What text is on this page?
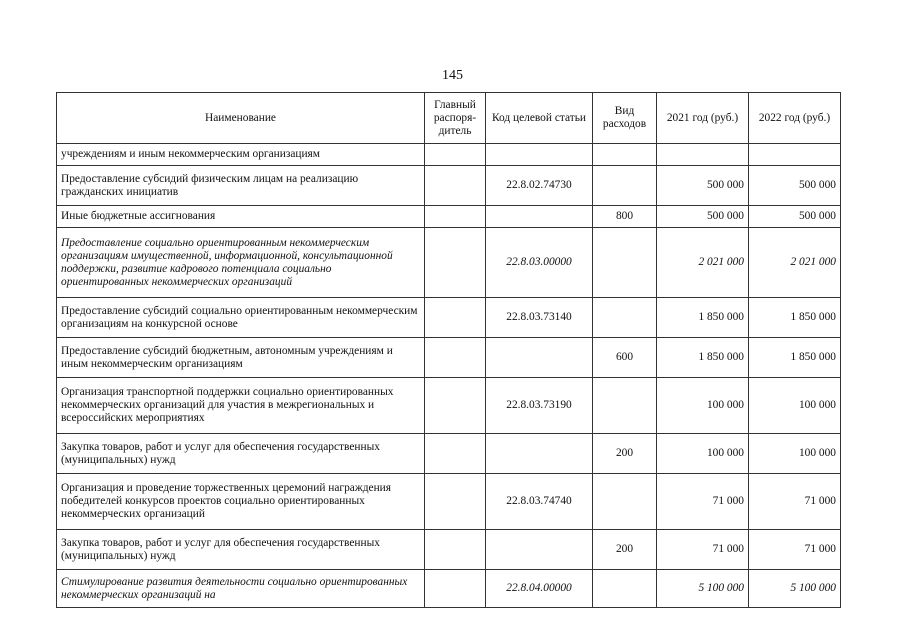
145
Наименование	Главный распоря-дитель	Код целевой статьи	Вид расходов	2021 год (руб.)	2022 год (руб.)
учреждениям и иным некоммерческим организациям					
Предоставление субсидий физическим лицам на реализацию гражданских инициатив		22.8.02.74730		500 000	500 000
Иные бюджетные ассигнования			800	500 000	500 000
Предоставление социально ориентированным некоммерческим организациям имущественной, информационной, консультационной поддержки, развитие кадрового потенциала социально ориентированных некоммерческих организаций		22.8.03.00000		2 021 000	2 021 000
Предоставление субсидий социально ориентированным некоммерческим организациям на конкурсной основе		22.8.03.73140		1 850 000	1 850 000
Предоставление субсидий бюджетным, автономным учреждениям и иным некоммерческим организациям			600	1 850 000	1 850 000
Организация транспортной поддержки социально ориентированных некоммерческих организаций для участия в межрегиональных и всероссийских мероприятиях		22.8.03.73190		100 000	100 000
Закупка товаров, работ и услуг для обеспечения государственных (муниципальных) нужд			200	100 000	100 000
Организация и проведение торжественных церемоний награждения победителей конкурсов проектов социально ориентированных некоммерческих организаций		22.8.03.74740		71 000	71 000
Закупка товаров, работ и услуг для обеспечения государственных (муниципальных) нужд			200	71 000	71 000
Стимулирование развития деятельности социально ориентированных некоммерческих организаций на		22.8.04.00000		5 100 000	5 100 000
